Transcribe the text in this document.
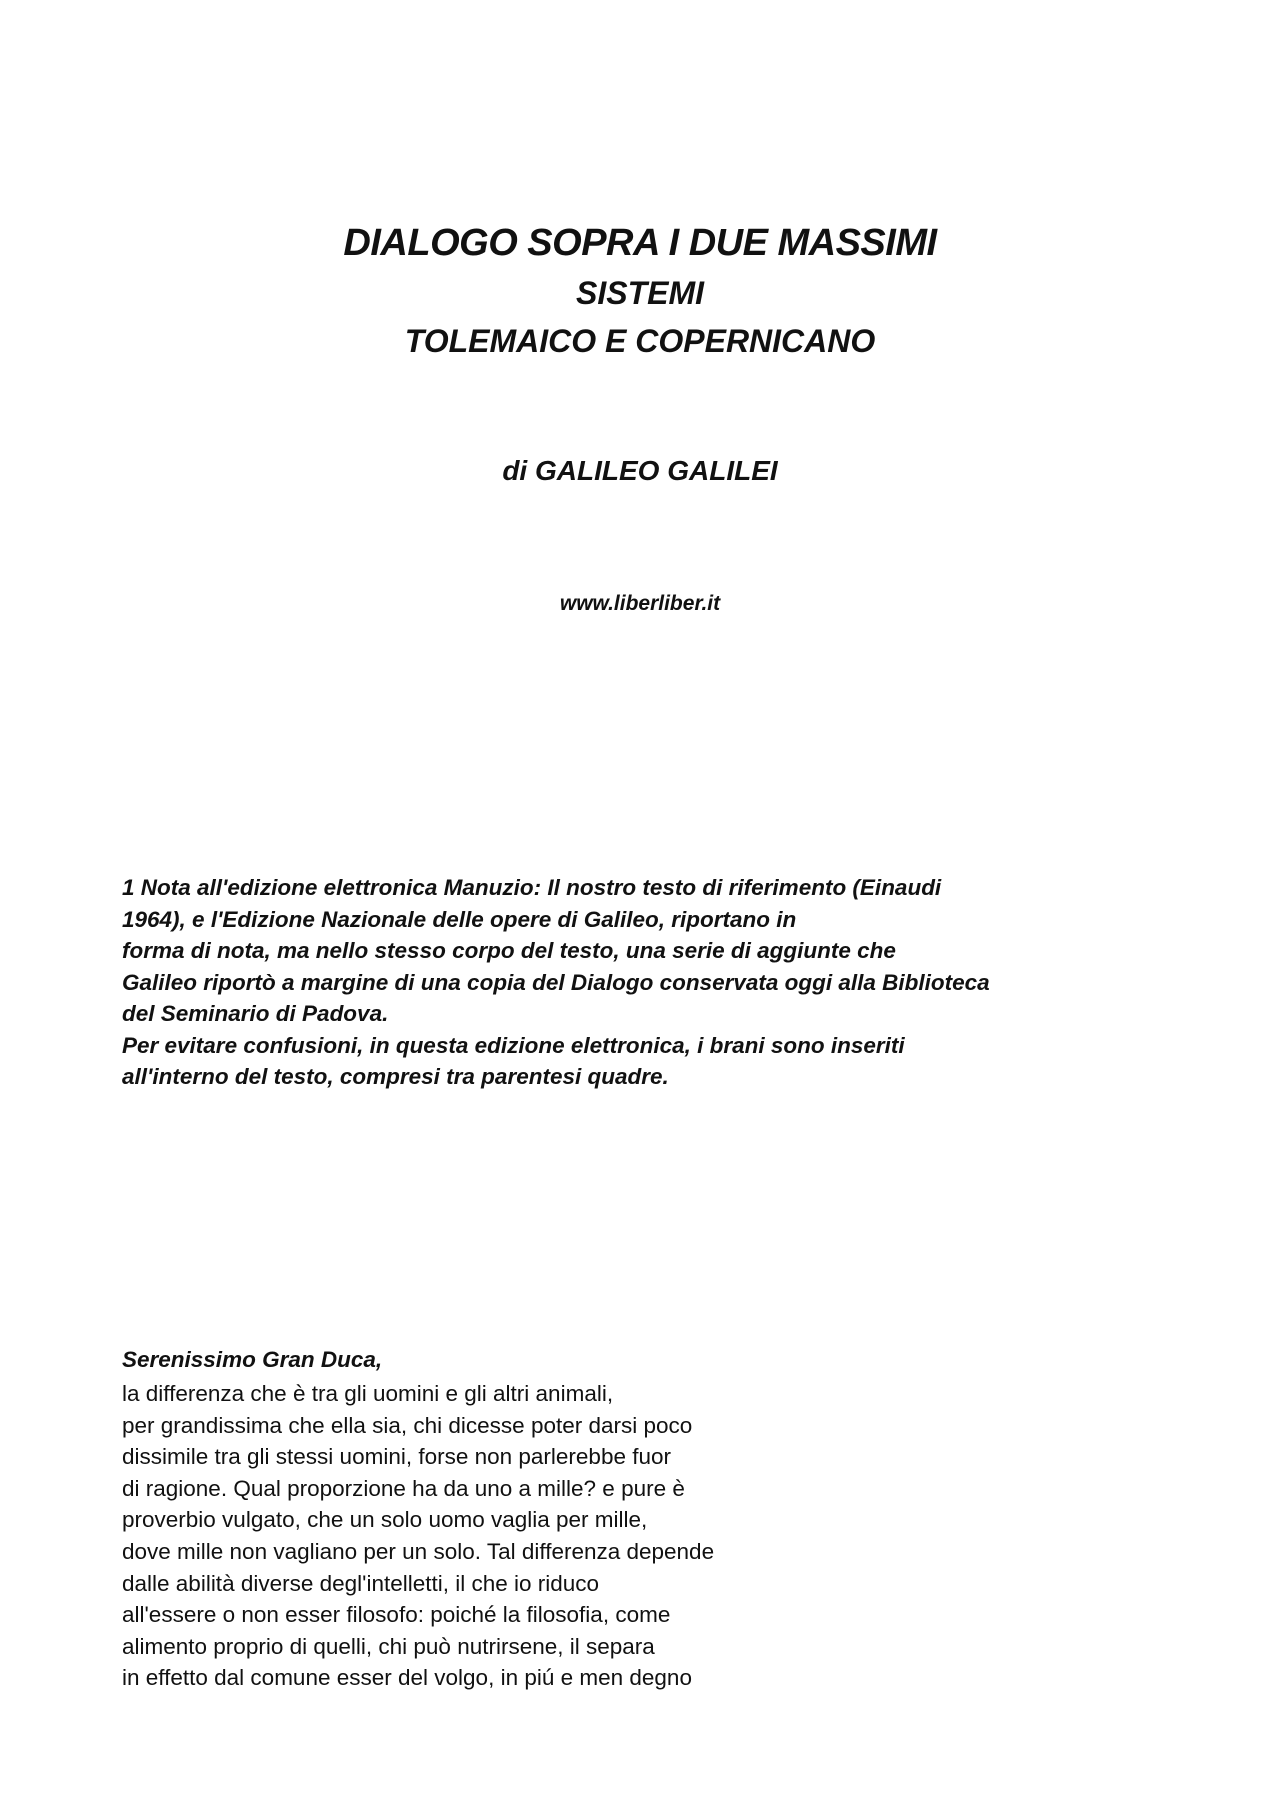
DIALOGO SOPRA I DUE MASSIMI
SISTEMI
TOLEMAICO E COPERNICANO
di GALILEO GALILEI
www.liberliber.it
1 Nota all'edizione elettronica Manuzio: Il nostro testo di riferimento (Einaudi
1964), e l'Edizione Nazionale delle opere di Galileo, riportano in
forma di nota, ma nello stesso corpo del testo, una serie di aggiunte che
Galileo riportò a margine di una copia del Dialogo conservata oggi alla Biblioteca
del Seminario di Padova.
Per evitare confusioni, in questa edizione elettronica, i brani sono inseriti
all'interno del testo, compresi tra parentesi quadre.
Serenissimo Gran Duca,
la differenza che è tra gli uomini e gli altri animali,
per grandissima che ella sia, chi dicesse poter darsi poco
dissimile tra gli stessi uomini, forse non parlerebbe fuor
di ragione. Qual proporzione ha da uno a mille? e pure è
proverbio vulgato, che un solo uomo vaglia per mille,
dove mille non vagliano per un solo. Tal differenza depende
dalle abilità diverse degl'intelletti, il che io riduco
all'essere o non esser filosofo: poiché la filosofia, come
alimento proprio di quelli, chi può nutrirsene, il separa
in effetto dal comune esser del volgo, in piú e men degno
